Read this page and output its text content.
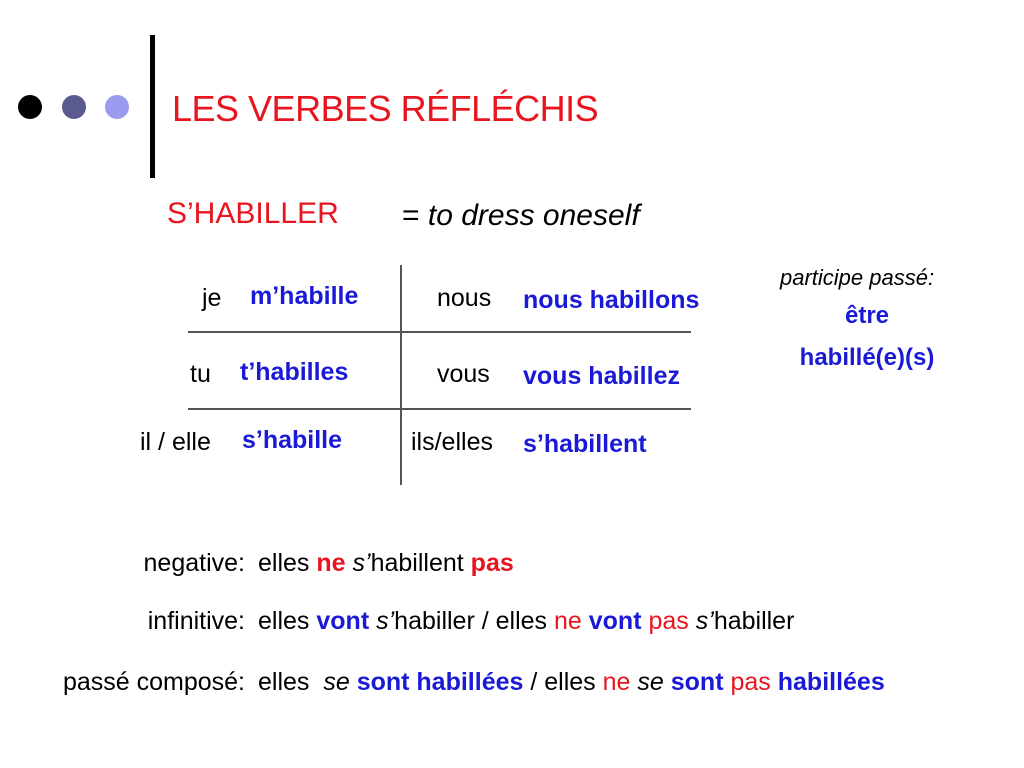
LES VERBES RÉFLÉCHIS
S’HABILLER = to dress oneself
je m’habille	nous nous habillons
tu t’habilles	vous vous habillez
il / elle s’habille	ils/elles s’habillent
participe passé:
être
habillé(e)(s)
negative: elles ne s’habillent pas
infinitive: elles vont s’habiller / elles ne vont pas s’habiller
passé composé: elles se sont habillées / elles ne se sont pas habillées
